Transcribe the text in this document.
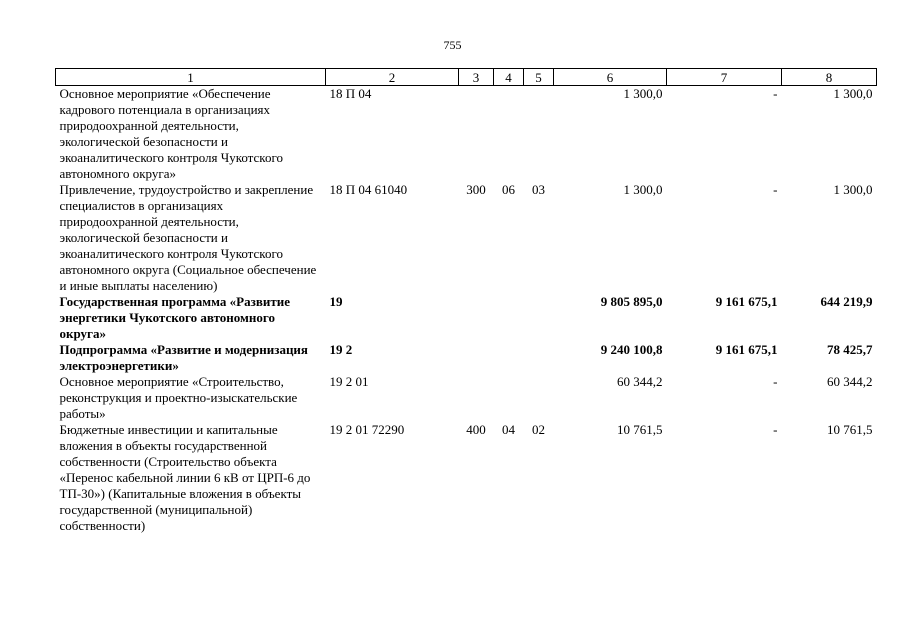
755
1	2	3	4	5	6	7	8
Основное мероприятие «Обеспечение кадрового потенциала в организациях природоохранной деятельности, экологической безопасности и экоаналитического контроля Чукотского автономного округа»	18 П 04				1 300,0	-	1 300,0
Привлечение, трудоустройство и закрепление специалистов в организациях природоохранной деятельности, экологической безопасности и экоаналитического контроля Чукотского автономного округа (Социальное обеспечение и иные выплаты населению)	18 П 04 61040	300	06	03	1 300,0	-	1 300,0
Государственная программа «Развитие энергетики Чукотского автономного округа»	19				9 805 895,0	9 161 675,1	644 219,9
Подпрограмма «Развитие и модернизация электроэнергетики»	19 2				9 240 100,8	9 161 675,1	78 425,7
Основное мероприятие «Строительство, реконструкция и проектно-изыскательские работы»	19 2 01				60 344,2	-	60 344,2
Бюджетные инвестиции и капитальные вложения в объекты государственной собственности (Строительство объекта «Перенос кабельной линии 6 кВ от ЦРП-6 до ТП-30») (Капитальные вложения в объекты государственной (муниципальной) собственности)	19 2 01 72290	400	04	02	10 761,5	-	10 761,5
